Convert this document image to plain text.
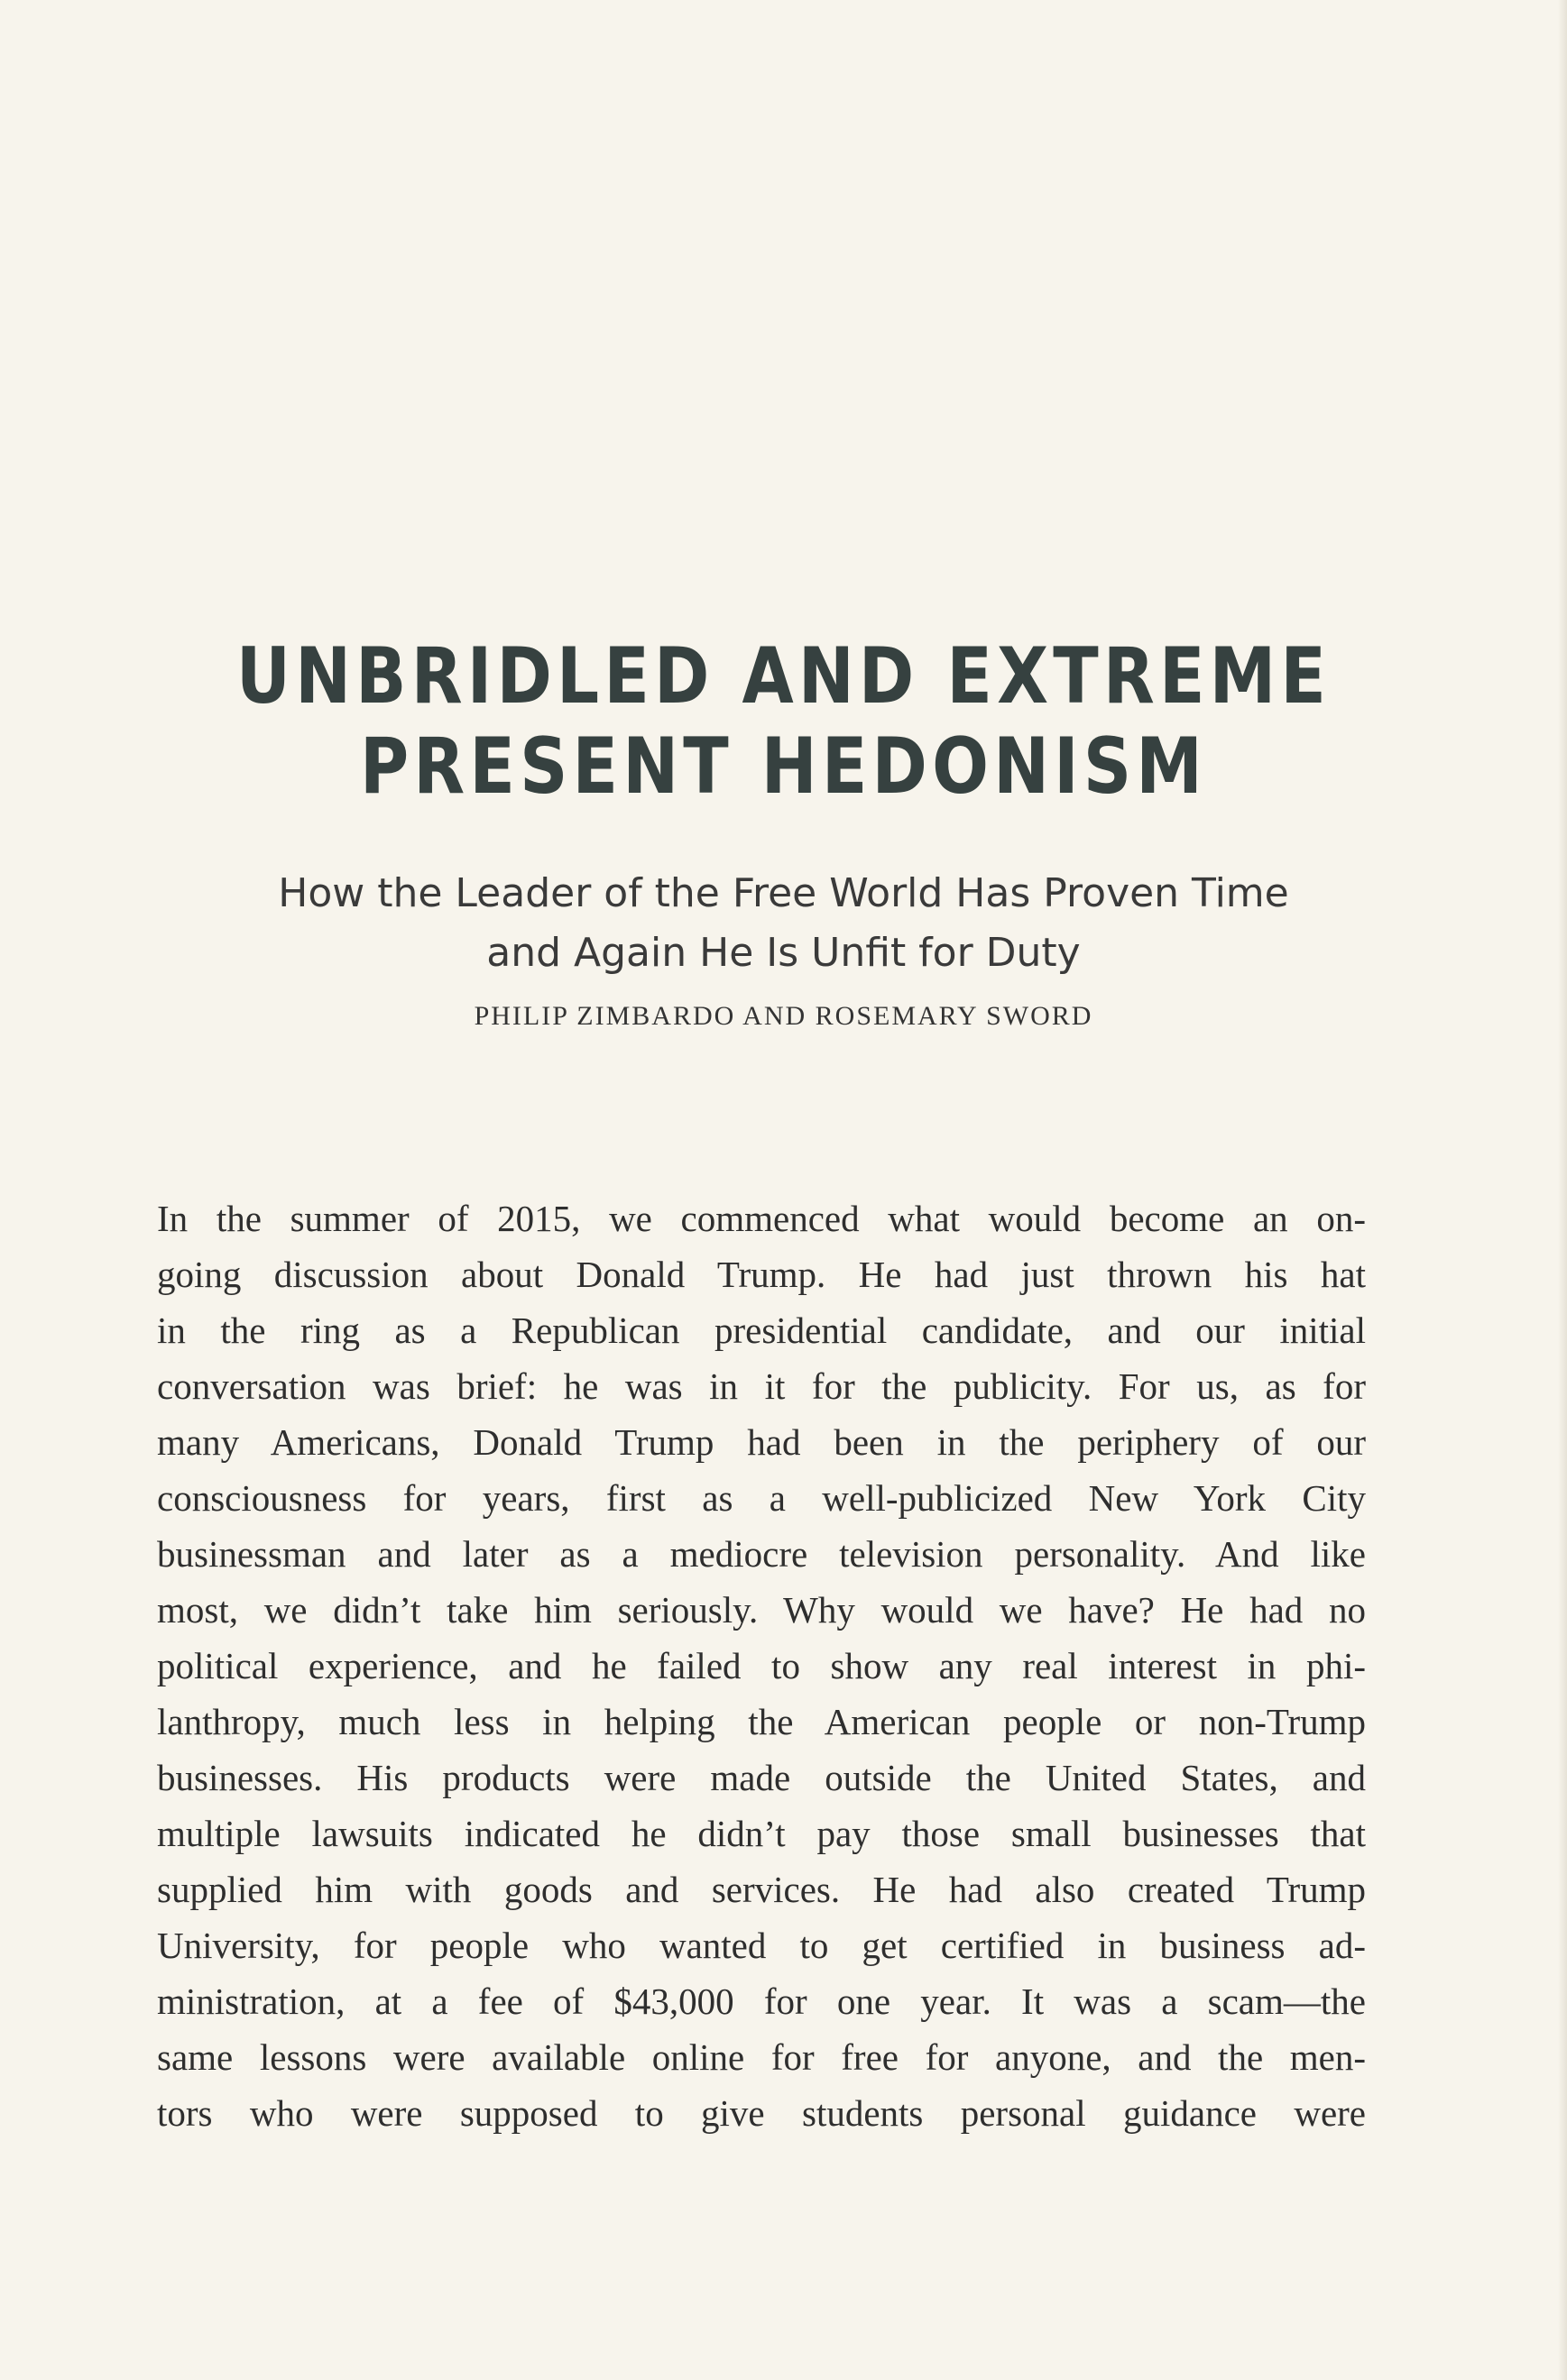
UNBRIDLED AND EXTREME
PRESENT HEDONISM

How the Leader of the Free World Has Proven Time
and Again He Is Unfit for Duty

PHILIP ZIMBARDO AND ROSEMARY SWORD

In the summer of 2015, we commenced what would become an on-
going discussion about Donald Trump. He had just thrown his hat
in the ring as a Republican presidential candidate, and our initial
conversation was brief: he was in it for the publicity. For us, as for
many Americans, Donald Trump had been in the periphery of our
consciousness for years, first as a well-publicized New York City
businessman and later as a mediocre television personality. And like
most, we didn’t take him seriously. Why would we have? He had no
political experience, and he failed to show any real interest in phi-
lanthropy, much less in helping the American people or non-Trump
businesses. His products were made outside the United States, and
multiple lawsuits indicated he didn’t pay those small businesses that
supplied him with goods and services. He had also created Trump
University, for people who wanted to get certified in business ad-
ministration, at a fee of $43,000 for one year. It was a scam—the
same lessons were available online for free for anyone, and the men-
tors who were supposed to give students personal guidance were
